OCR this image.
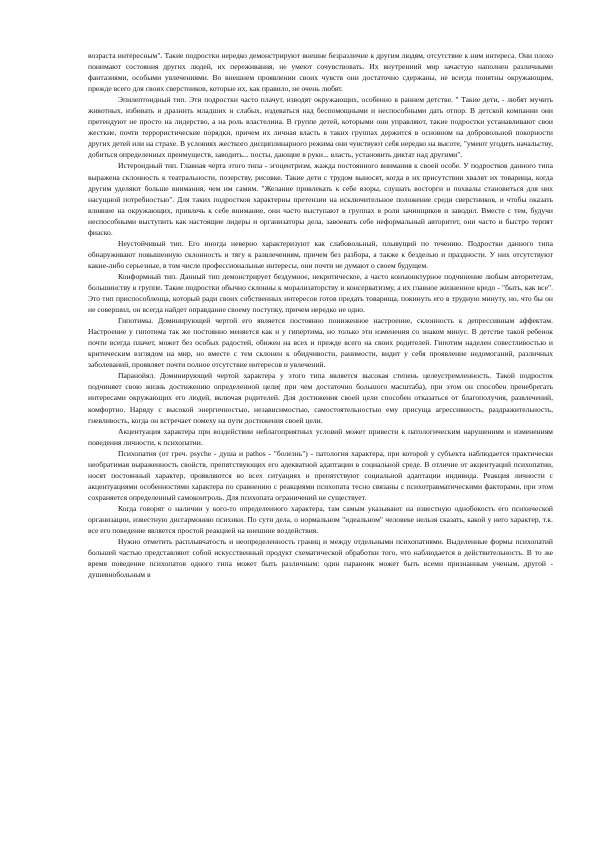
возраста интересным". Такие подростки нередко демонстрируют внешне безразличие к другим людям, отсутствие к ним интереса. Они плохо понимают состояния других людей, их переживания, не умеют сочувствовать. Их внутренний мир зачастую наполнен различными фантазиями, особыми увлечениями. Во внешнем проявлении своих чувств они достаточно сдержаны, не всегда понятны окружающим, прежде всего для своих сверстников, которые их, как правило, не очень любят.

Эпилептоидный тип. Эти подростки часто плачут, изводят окружающих, особенно в раннем детстве. " Такие дети, - любят мучить животных, избивать и дразнить младших и слабых, издеваться над беспомощными и неспособными дать отпор. В детской компании они претендуют не просто на лидерство, а на роль властелина. В группе детей, которыми они управляют, такие подростки устанавливают свои жесткие, почти террористические порядки, причем их личная власть в таких группах держится в основном на добровольной покорности других детей или на страхе. В условиях жесткого дисциплинарного режима они чувствуют себя нередко на высоте, "умеют угодить начальству, добиться определенных преимуществ, заводить... посты, дающие в руки... власть, установить диктат над другими".

Истероидный тип. Главная черта этого типа - эгоцентризм, жажда постоянного внимания к своей особе. У подростков данного типа выражена склонность к театральности, позерству, рисовке. Такие дети с трудом выносят, когда в их присутствии хвалят их товарища, когда другим уделяют больше внимания, чем им самим. "Желание привлекать к себе взоры, слушать восторги и похвалы становиться для них насущной потребностью". Для таких подростков характерны претензии на исключительное положение среди сверстников, и чтобы оказать влияние на окружающих, привлечь к себе внимание, они часто выступают в группах в роли зачинщиков и заводил. Вместе с тем, будучи неспособными выступить как настоящие лидеры и организаторы дела, завоевать себе неформальный авторитет, они часто и быстро терпят фиаско.

Неустойчивый тип. Его иногда неверно характеризуют как слабовольный, плывущий по течению. Подростки данного типа обнаруживают повышенную склонность и тягу к развлечениям, причем без разбора, а также к безделью и праздности. У них отсутствуют какие-либо серьезные, в том числе профессиональные интересы, они почти не думают о своем будущем.

Конформный тип. Данный тип демонстрирует бездумное, некритическое, а часто конъюнктурное подчинение любым авторитетам, большинству в группе. Такие подростки обычно склонны к морализаторству и консерватизму, а их главное жизненное кредо - "быть, как все". Это тип приспособленца, который ради своих собственных интересов готов предать товарища, покинуть его в трудную минуту, но, что бы он не совершил, он всегда найдет оправдание своему поступку, причем нередко не одно.

Гипотимы. Доминирующей чертой его является постоянно пониженное настроение, склонность к депрессивным аффектам. Настроение у гипотима так же постоянно меняется как и у гипертима, но только эти изменения со знаком минус. В детстве такой ребенок почти всегда плачет, может без особых радостей, обижен на всех и прежде всего на своих родителей. Гипотим наделен совестливостью и критическим взглядом на мир, но вместе с тем склонен к обидчивости, ранимости, видит у себя проявление недомоганий, различных заболеваний, проявляет почти полное отсутствие интересов и увлечений.

Паранойял. Доминирующей чертой характера у этого типа является высокая степень целеустремленность. Такой подросток подчиняет свою жизнь достижению определенной цели( при чем достаточно большого масштаба), при этом он способен пренебрегать интересами окружающих его людей, включая родителей. Для достижения своей цели способен отказаться от благополучия, развлечений, комфортно. Наряду с высокой энергичностью, независимостью, самостоятельностью ему присуща агрессивность, раздражительность, гневливость, когда он встречает помеху на пути достижения своей цели.

Акцентуация характера при воздействии неблагоприятных условий может привести к патологическим нарушениям и изменениям поведения личности, к психопатии.

Психопатия (от греч. psyche - душа и pathos - "болезнь") - патология характера, при которой у субъекта наблюдается практически необратимая выраженность свойств, препятствующих его адекватной адаптации в социальной среде. В отличие от акцентуаций психопатии, носят постоянный характер, проявляются во всех ситуациях и препятствуют социальной адаптации индивида. Реакция личности с акцентуациями особенностями характера по сравнению с реакциями психопата тесно связаны с психотравматическими факторами, при этом сохраняется определенный самоконтроль. Для психопата ограничений не существует.

Когда говорят о наличии у кого-то определенного характера, там самым указывают на известную однобокость его психической организации, известную дисгармонию психики. По сути дела, о нормальном "идеальном" человеке нельзя сказать, какой у него характер, т.к. все его поведение является простой реакцией на внешние воздействия.

Нужно отметить расплывчатость и неопределенность границ и между отдельными психопатиями. Выделенные формы психопатий большей частью представляют собой искусственный продукт схематической обработки того, что наблюдается в действительность. В то же время поведение психопатов одного типа может быть различным: один параноик может быть всеми признанным ученым, другой - душевнобольным в
